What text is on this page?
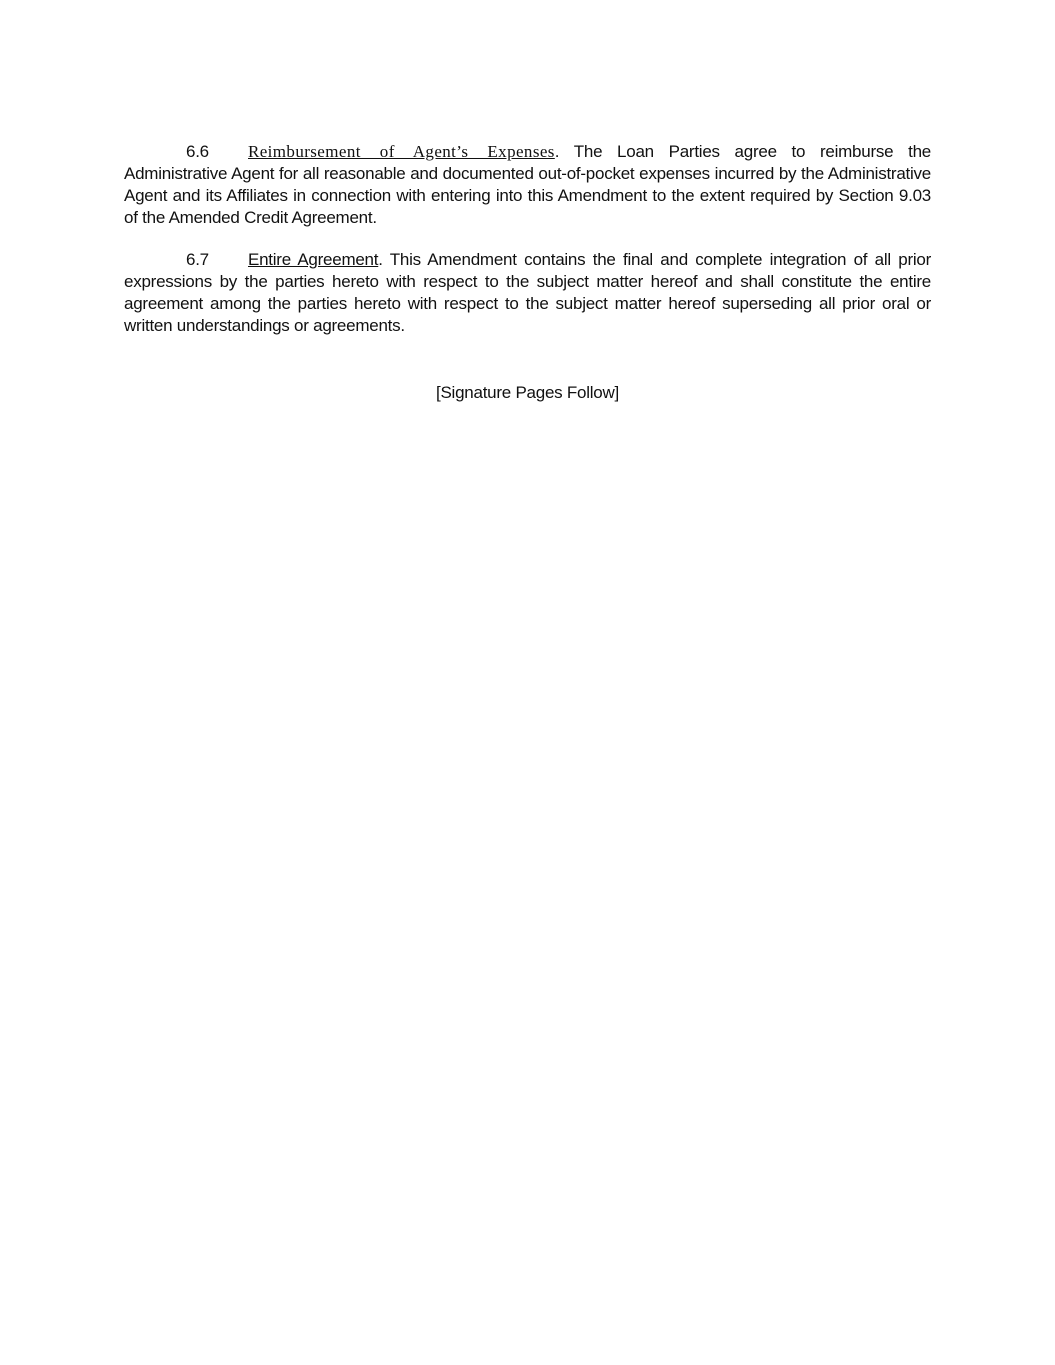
6.6 Reimbursement of Agent’s Expenses. The Loan Parties agree to reimburse the Administrative Agent for all reasonable and documented out-of-pocket expenses incurred by the Administrative Agent and its Affiliates in connection with entering into this Amendment to the extent required by Section 9.03 of the Amended Credit Agreement.

6.7 Entire Agreement. This Amendment contains the final and complete integration of all prior expressions by the parties hereto with respect to the subject matter hereof and shall constitute the entire agreement among the parties hereto with respect to the subject matter hereof superseding all prior oral or written understandings or agreements.

[Signature Pages Follow]
